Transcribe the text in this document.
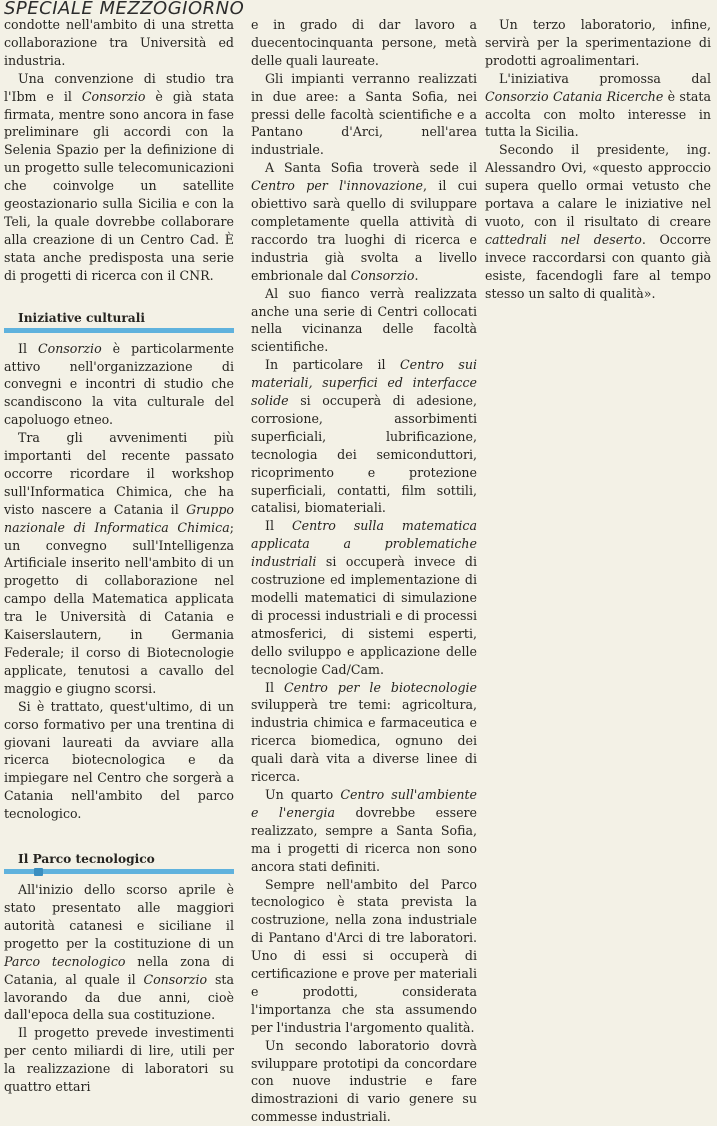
SPECIALE MEZZOGIORNO

condotte nell'ambito di una stretta collaborazione tra Università ed industria.

Una convenzione di studio tra l'Ibm e il Consorzio è già stata firmata, mentre sono ancora in fase preliminare gli accordi con la Selenia Spazio per la definizione di un progetto sulle telecomunicazioni che coinvolge un satellite geostazionario sulla Sicilia e con la Teli, la quale dovrebbe collaborare alla creazione di un Centro Cad. È stata anche predisposta una serie di progetti di ricerca con il CNR.

Iniziative culturali

Il Consorzio è particolarmente attivo nell'organizzazione di convegni e incontri di studio che scandiscono la vita culturale del capoluogo etneo.

Tra gli avvenimenti più importanti del recente passato occorre ricordare il workshop sull'Informatica Chimica, che ha visto nascere a Catania il Gruppo nazionale di Informatica Chimica; un convegno sull'Intelligenza Artificiale inserito nell'ambito di un progetto di collaborazione nel campo della Matematica applicata tra le Università di Catania e Kaiserslautern, in Germania Federale; il corso di Biotecnologie applicate, tenutosi a cavallo del maggio e giugno scorsi.

Si è trattato, quest'ultimo, di un corso formativo per una trentina di giovani laureati da avviare alla ricerca biotecnologica e da impiegare nel Centro che sorgerà a Catania nell'ambito del parco tecnologico.

Il Parco tecnologico

All'inizio dello scorso aprile è stato presentato alle maggiori autorità catanesi e siciliane il progetto per la costituzione di un Parco tecnologico nella zona di Catania, al quale il Consorzio sta lavorando da due anni, cioè dall'epoca della sua costituzione.

Il progetto prevede investimenti per cento miliardi di lire, utili per la realizzazione di laboratori su quattro ettari

e in grado di dar lavoro a duecentocinquanta persone, metà delle quali laureate.

Gli impianti verranno realizzati in due aree: a Santa Sofia, nei pressi delle facoltà scientifiche e a Pantano d'Arci, nell'area industriale.

A Santa Sofia troverà sede il Centro per l'innovazione, il cui obiettivo sarà quello di sviluppare completamente quella attività di raccordo tra luoghi di ricerca e industria già svolta a livello embrionale dal Consorzio.

Al suo fianco verrà realizzata anche una serie di Centri collocati nella vicinanza delle facoltà scientifiche.

In particolare il Centro sui materiali, superfici ed interfacce solide si occuperà di adesione, corrosione, assorbimenti superficiali, lubrificazione, tecnologia dei semiconduttori, ricoprimento e protezione superficiali, contatti, film sottili, catalisi, biomateriali.

Il Centro sulla matematica applicata a problematiche industriali si occuperà invece di costruzione ed implementazione di modelli matematici di simulazione di processi industriali e di processi atmosferici, di sistemi esperti, dello sviluppo e applicazione delle tecnologie Cad/Cam.

Il Centro per le biotecnologie svilupperà tre temi: agricoltura, industria chimica e farmaceutica e ricerca biomedica, ognuno dei quali darà vita a diverse linee di ricerca.

Un quarto Centro sull'ambiente e l'energia dovrebbe essere realizzato, sempre a Santa Sofia, ma i progetti di ricerca non sono ancora stati definiti.

Sempre nell'ambito del Parco tecnologico è stata prevista la costruzione, nella zona industriale di Pantano d'Arci di tre laboratori. Uno di essi si occuperà di certificazione e prove per materiali e prodotti, considerata l'importanza che sta assumendo per l'industria l'argomento qualità.

Un secondo laboratorio dovrà sviluppare prototipi da concordare con nuove industrie e fare dimostrazioni di vario genere su commesse industriali.

Un terzo laboratorio, infine, servirà per la sperimentazione di prodotti agroalimentari.

L'iniziativa promossa dal Consorzio Catania Ricerche è stata accolta con molto interesse in tutta la Sicilia.

Secondo il presidente, ing. Alessandro Ovi, «questo approccio supera quello ormai vetusto che portava a calare le iniziative nel vuoto, con il risultato di creare cattedrali nel deserto. Occorre invece raccordarsi con quanto già esiste, facendogli fare al tempo stesso un salto di qualità».
